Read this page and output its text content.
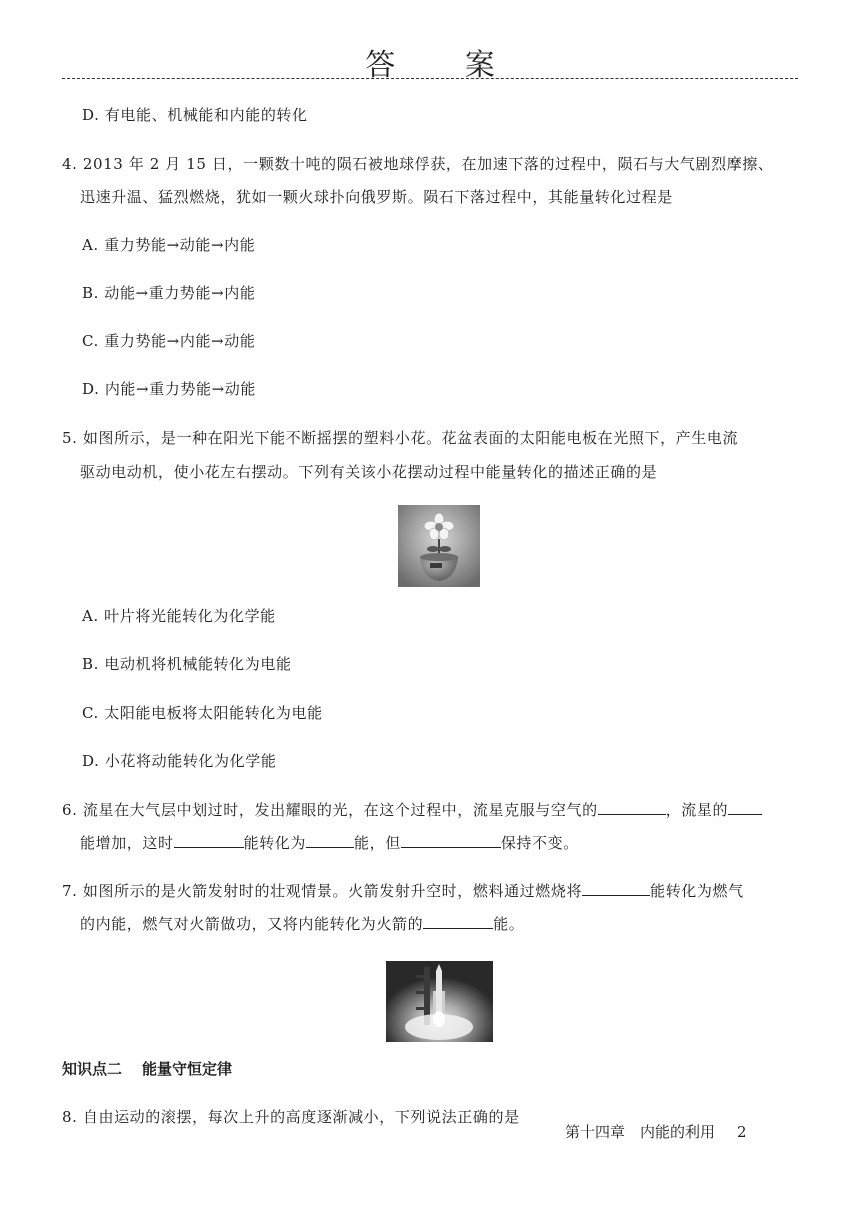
答 案
D. 有电能、机械能和内能的转化
4. 2013 年 2 月 15 日，一颗数十吨的陨石被地球俘获，在加速下落的过程中，陨石与大气剧烈摩擦、
迅速升温、猛烈燃烧，犹如一颗火球扑向俄罗斯。陨石下落过程中，其能量转化过程是
A. 重力势能→动能→内能
B. 动能→重力势能→内能
C. 重力势能→内能→动能
D. 内能→重力势能→动能
5. 如图所示，是一种在阳光下能不断摇摆的塑料小花。花盆表面的太阳能电板在光照下，产生电流
驱动电动机，使小花左右摆动。下列有关该小花摆动过程中能量转化的描述正确的是
A. 叶片将光能转化为化学能
B. 电动机将机械能转化为电能
C. 太阳能电板将太阳能转化为电能
D. 小花将动能转化为化学能
6. 流星在大气层中划过时，发出耀眼的光，在这个过程中，流星克服与空气的	，流星的
能增加，这时	能转化为	能，但	保持不变。
7. 如图所示的是火箭发射时的壮观情景。火箭发射升空时，燃料通过燃烧将	能转化为燃气
的内能，燃气对火箭做功，又将内能转化为火箭的	能。
知识点二 能量守恒定律
8. 自由运动的滚摆，每次上升的高度逐渐减小，下列说法正确的是
第十四章　内能的利用 2
